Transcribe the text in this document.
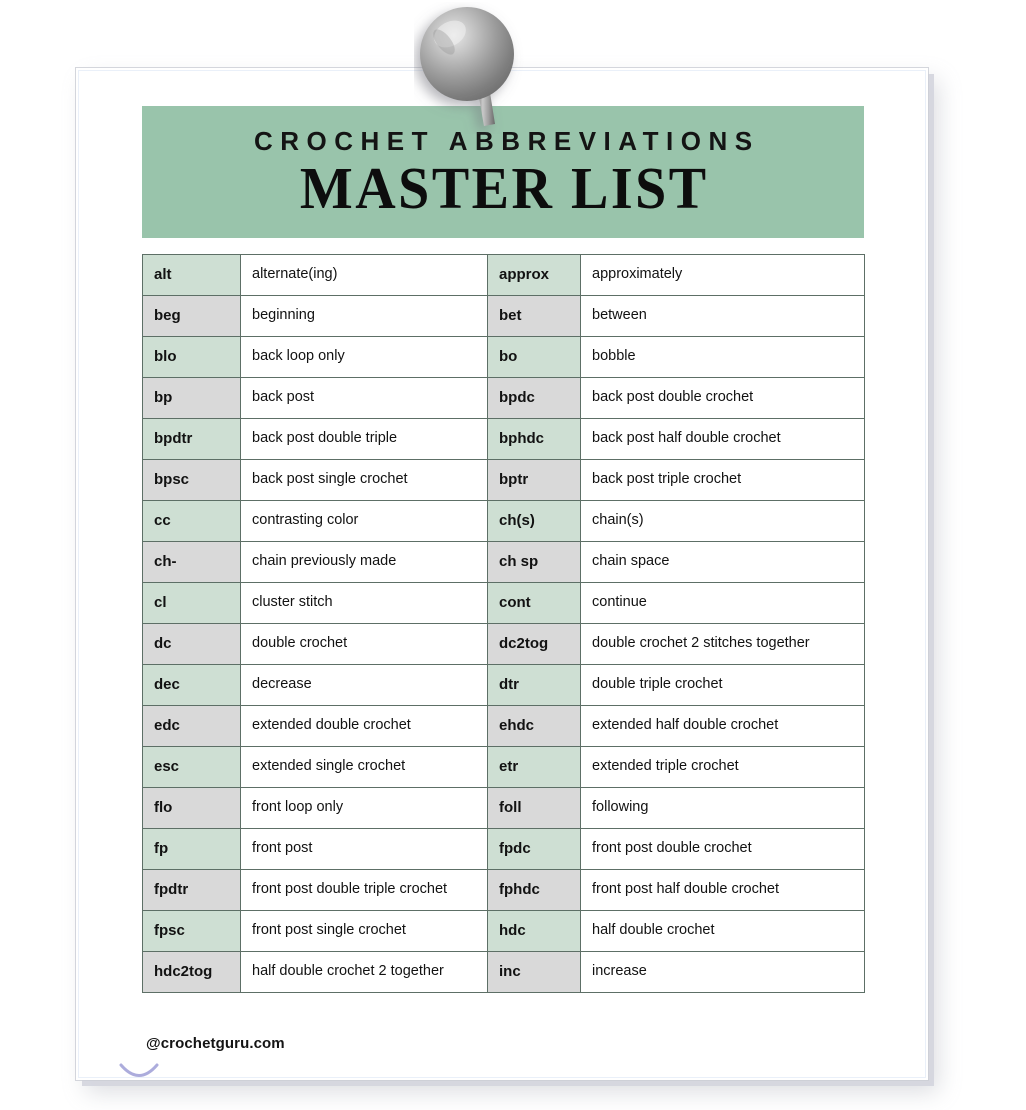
CROCHET ABBREVIATIONS
MASTER LIST
alt	alternate(ing)	approx	approximately
beg	beginning	bet	between
blo	back loop only	bo	bobble
bp	back post	bpdc	back post double crochet
bpdtr	back post double triple	bphdc	back post half double crochet
bpsc	back post single crochet	bptr	back post triple crochet
cc	contrasting color	ch(s)	chain(s)
ch-	chain previously made	ch sp	chain space
cl	cluster stitch	cont	continue
dc	double crochet	dc2tog	double crochet 2 stitches together
dec	decrease	dtr	double triple crochet
edc	extended double crochet	ehdc	extended half double crochet
esc	extended single crochet	etr	extended triple crochet
flo	front loop only	foll	following
fp	front post	fpdc	front post double crochet
fpdtr	front post double triple crochet	fphdc	front post half double crochet
fpsc	front post single crochet	hdc	half double crochet
hdc2tog	half double crochet 2 together	inc	increase
@crochetguru.com
